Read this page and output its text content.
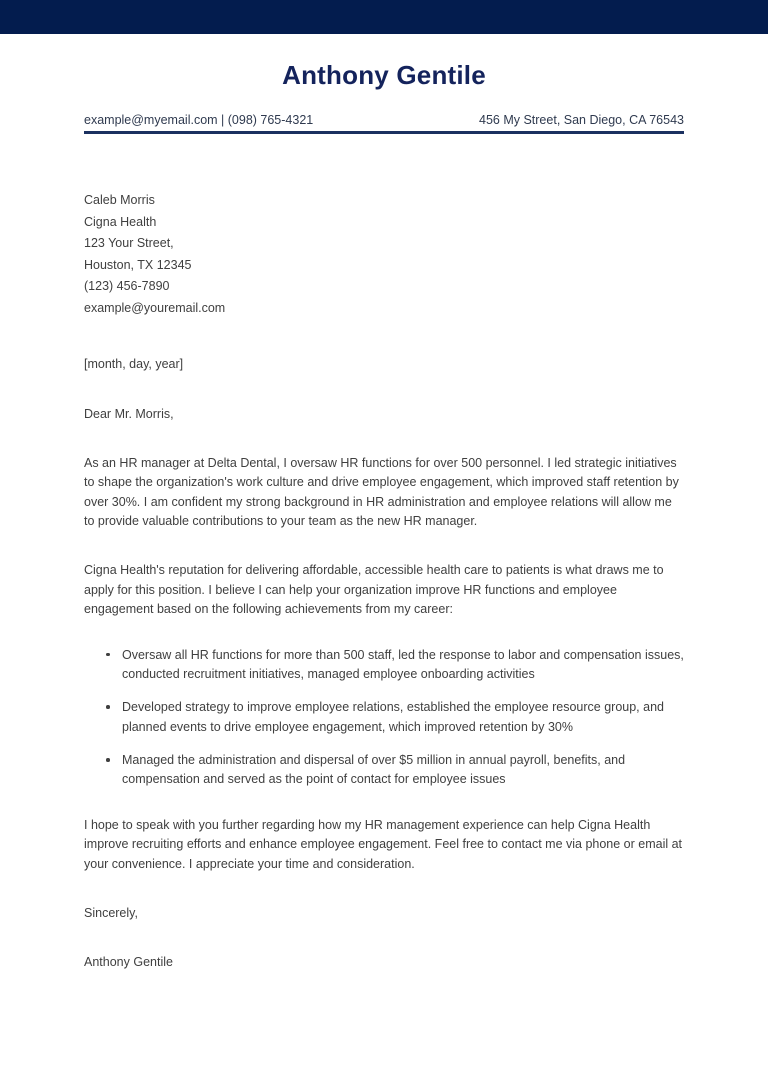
Anthony Gentile
example@myemail.com | (098) 765-4321	456 My Street, San Diego, CA 76543
Caleb Morris
Cigna Health
123 Your Street,
Houston, TX 12345
(123) 456-7890
example@youremail.com
[month, day, year]
Dear Mr. Morris,

As an HR manager at Delta Dental, I oversaw HR functions for over 500 personnel. I led strategic initiatives to shape the organization's work culture and drive employee engagement, which improved staff retention by over 30%. I am confident my strong background in HR administration and employee relations will allow me to provide valuable contributions to your team as the new HR manager.

Cigna Health's reputation for delivering affordable, accessible health care to patients is what draws me to apply for this position. I believe I can help your organization improve HR functions and employee engagement based on the following achievements from my career:

Oversaw all HR functions for more than 500 staff, led the response to labor and compensation issues, conducted recruitment initiatives, managed employee onboarding activities
Developed strategy to improve employee relations, established the employee resource group, and planned events to drive employee engagement, which improved retention by 30%
Managed the administration and dispersal of over $5 million in annual payroll, benefits, and compensation and served as the point of contact for employee issues

I hope to speak with you further regarding how my HR management experience can help Cigna Health improve recruiting efforts and enhance employee engagement. Feel free to contact me via phone or email at your convenience. I appreciate your time and consideration.

Sincerely,
Anthony Gentile
